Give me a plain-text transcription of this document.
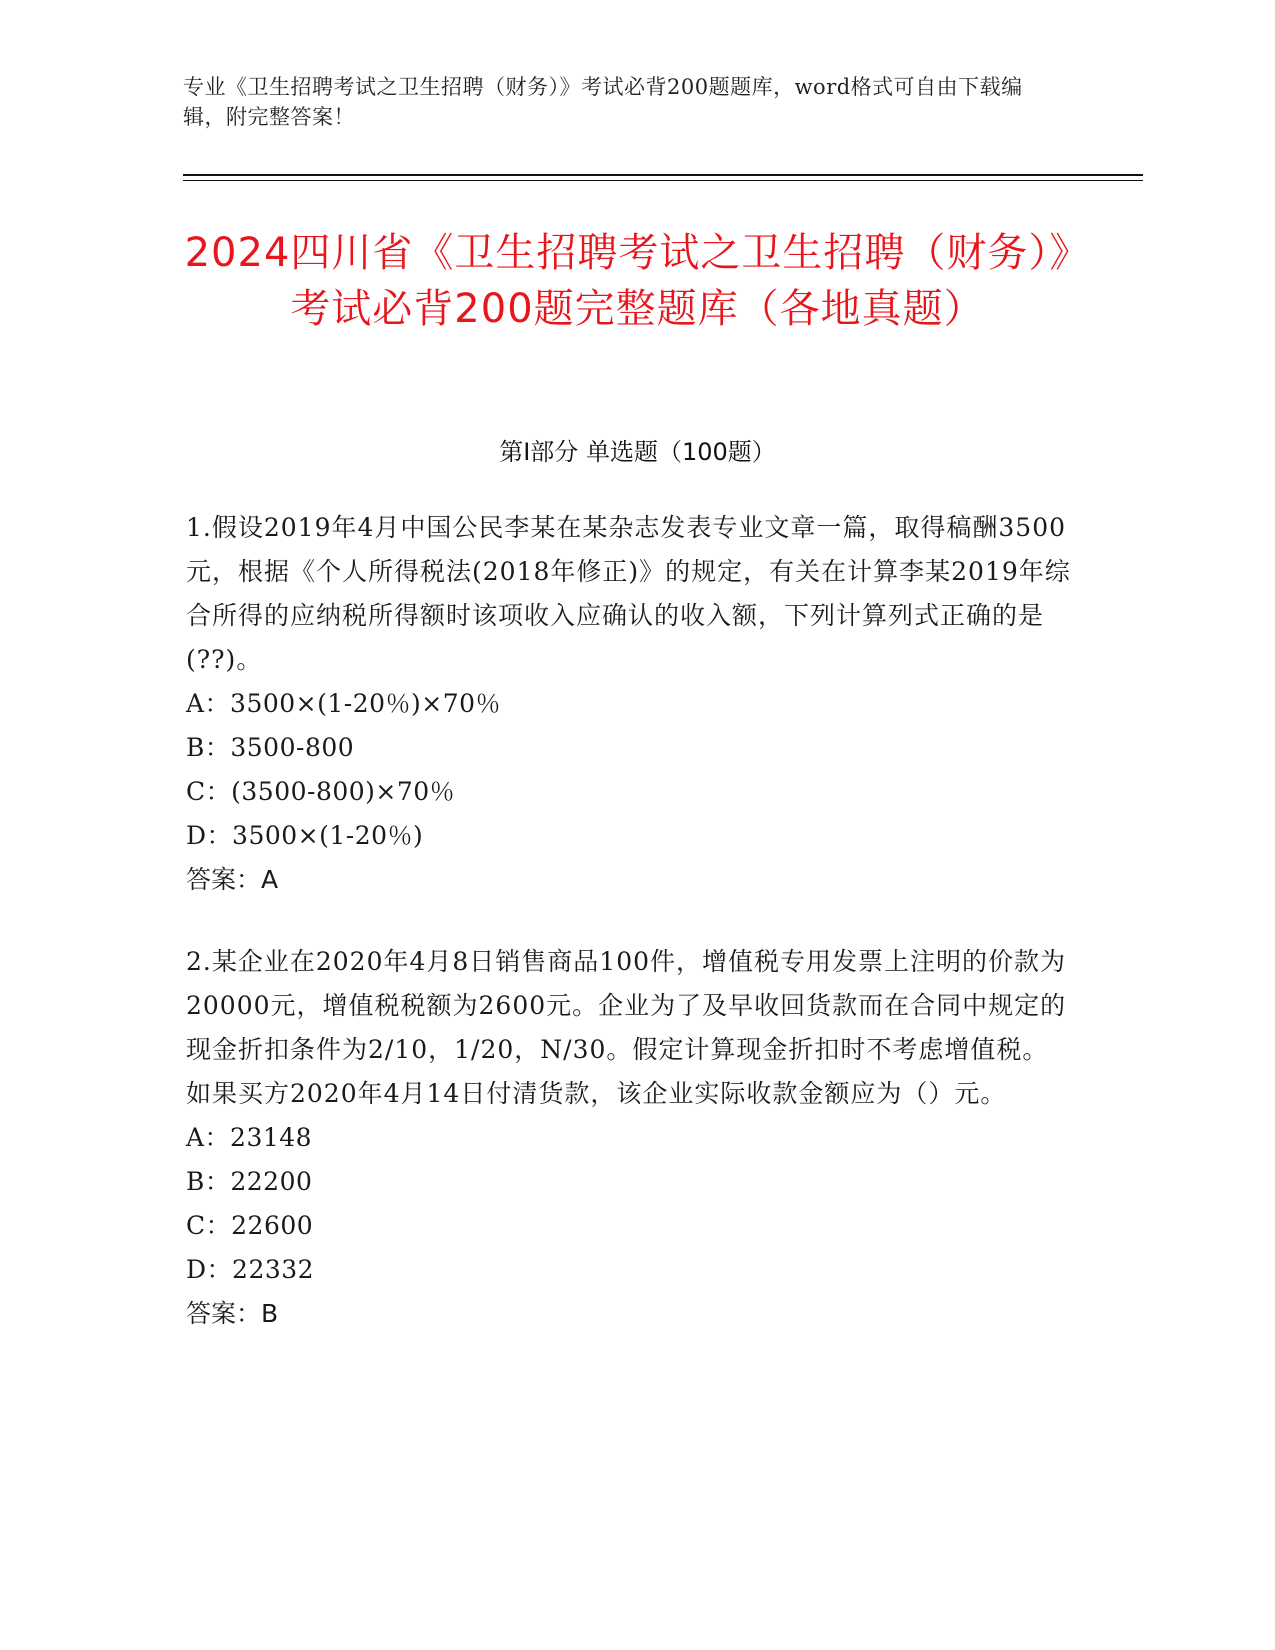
专业《卫生招聘考试之卫生招聘（财务）》考试必背200题题库，word格式可自由下载编辑，附完整答案！
2024四川省《卫生招聘考试之卫生招聘（财务）》考试必背200题完整题库（各地真题）
第I部分 单选题（100题）

1.假设2019年4月中国公民李某在某杂志发表专业文章一篇，取得稿酬3500元，根据《个人所得税法(2018年修正)》的规定，有关在计算李某2019年综合所得的应纳税所得额时该项收入应确认的收入额，下列计算列式正确的是(??)。

A：3500×(1-20％)×70％

B：3500-800

C：(3500-800)×70％

D：3500×(1-20％)

答案：A

2.某企业在2020年4月8日销售商品100件，增值税专用发票上注明的价款为20000元，增值税税额为2600元。企业为了及早收回货款而在合同中规定的现金折扣条件为2/10，1/20，N/30。假定计算现金折扣时不考虑增值税。如果买方2020年4月14日付清货款，该企业实际收款金额应为（）元。

A：23148

B：22200

C：22600

D：22332

答案：B
